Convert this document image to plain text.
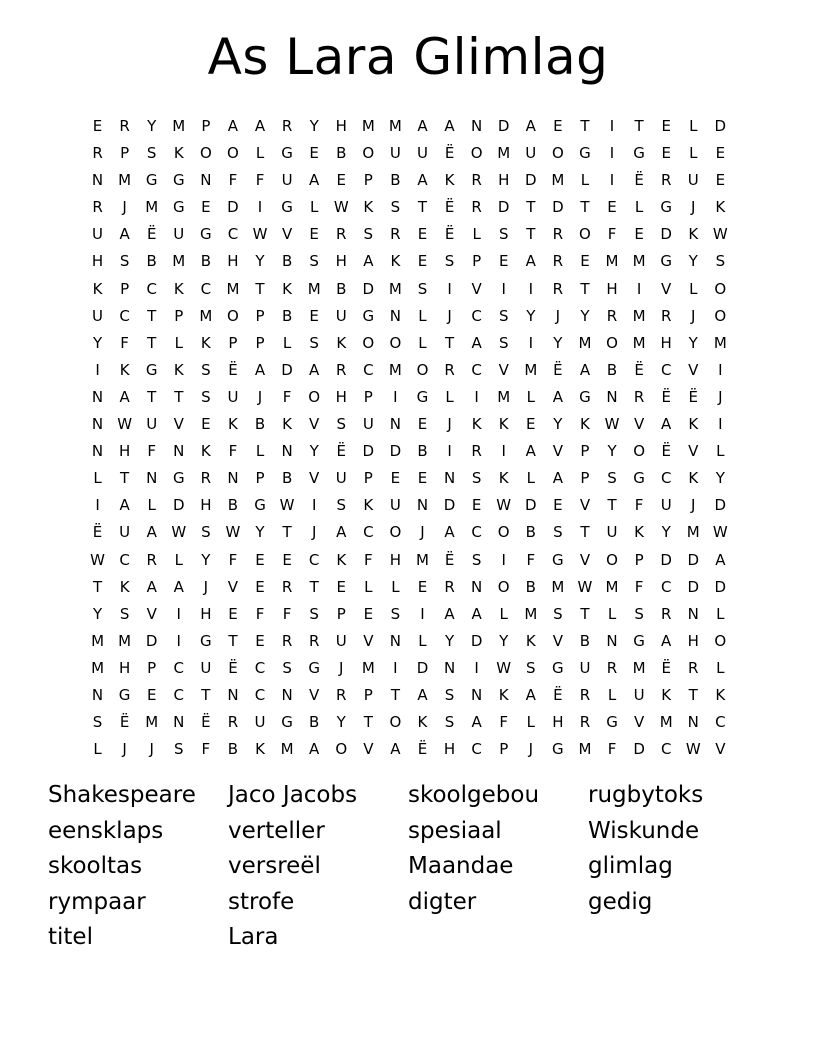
As Lara Glimlag
E	R	Y	M	P	A	A	R	Y	H M M	A	A	N	D	A	E	T	I	T	E	L	D
R	P	S	K	O	O	L	G	E	B	O	U	U	Ë	O M	U	O	G	I	G	E	L	E
N M G	G	N	F	F	U	A	E	P	B	A	K	R	H	D M	L	I	Ë	R	U	E
R	J	M G	E	D	I	G	L	W K	S	T	Ë	R	D	T	D	T	E	L	G	J	K
U	A	Ë	U	G	C W V	E	R	S	R	E	Ë	L	S	T	R	O	F	E	D	K W
H	S	B	M	B	H	Y	B	S	H	A	K	E	S	P	E	A	R	E	M M G	Y	S
K	P	C	K	C	M	T	K	M	B	D M	S	I	V	I	I	R	T	H	I	V	L	O
U	C	T	P	M O	P	B	E	U	G	N	L	J	C	S	Y	J	Y	R	M	R	J	O
Y	F	T	L	K	P	P	L	S	K	O	O	L	T	A	S	I	Y	M O M H	Y	M
I	K	G	K	S	Ë	A	D	A	R	C	M O	R	C	V	M	Ë	A	B	Ë	C	V	I
N	A	T	T	S	U	J	F	O	H	P	I	G	L	I	M	L	A	G	N	R	Ë	Ë	J
N W U	V	E	K	B	K	V	S	U	N	E	J	K	K	E	Y	K W V	A	K	I
N	H	F	N	K	F	L	N	Y	Ë	D	D	B	I	R	I	A	V	P	Y	O	Ë	V	L
L	T	N	G	R	N	P	B	V	U	P	E	E	N	S	K	L	A	P	S	G	C	K	Y
I	A	L	D	H	B	G W	I	S	K	U	N	D	E W D	E	V	T	F	U	J	D
Ë	U	A W S W	Y	T	J	A	C	O	J	A	C	O	B	S	T	U	K	Y	M W
W C	R	L	Y	F	E	E	C	K	F	H M	Ë	S	I	F	G	V	O	P	D	D	A
T	K	A	A	J	V	E	R	T	E	L	L	E	R	N	O	B	M W M	F	C	D	D
Y	S	V	I	H	E	F	F	S	P	E	S	I	A	A	L	M	S	T	L	S	R	N	L
M M D	I	G	T	E	R	R	U	V	N	L	Y	D	Y	K	V	B	N	G	A	H	O
M H	P	C	U	Ë	C	S	G	J	M	I	D	N	I	W S	G	U	R	M	Ë	R	L
N	G	E	C	T	N	C	N	V	R	P	T	A	S	N	K	A	Ë	R	L	U	K	T	K
S	Ë	M N	Ë	R	U	G	B	Y	T	O	K	S	A	F	L	H	R	G	V	M N	C
L	J	J	S	F	B	K	M	A	O	V	A	Ë	H	C	P	J	G M	F	D	C W V
Shakespeare	Jaco Jacobs	skoolgebou	rugbytoks
eensklaps	verteller	spesiaal	Wiskunde
skooltas	versreël	Maandae	glimlag
rympaar	strofe	digter	gedig
titel	Lara
